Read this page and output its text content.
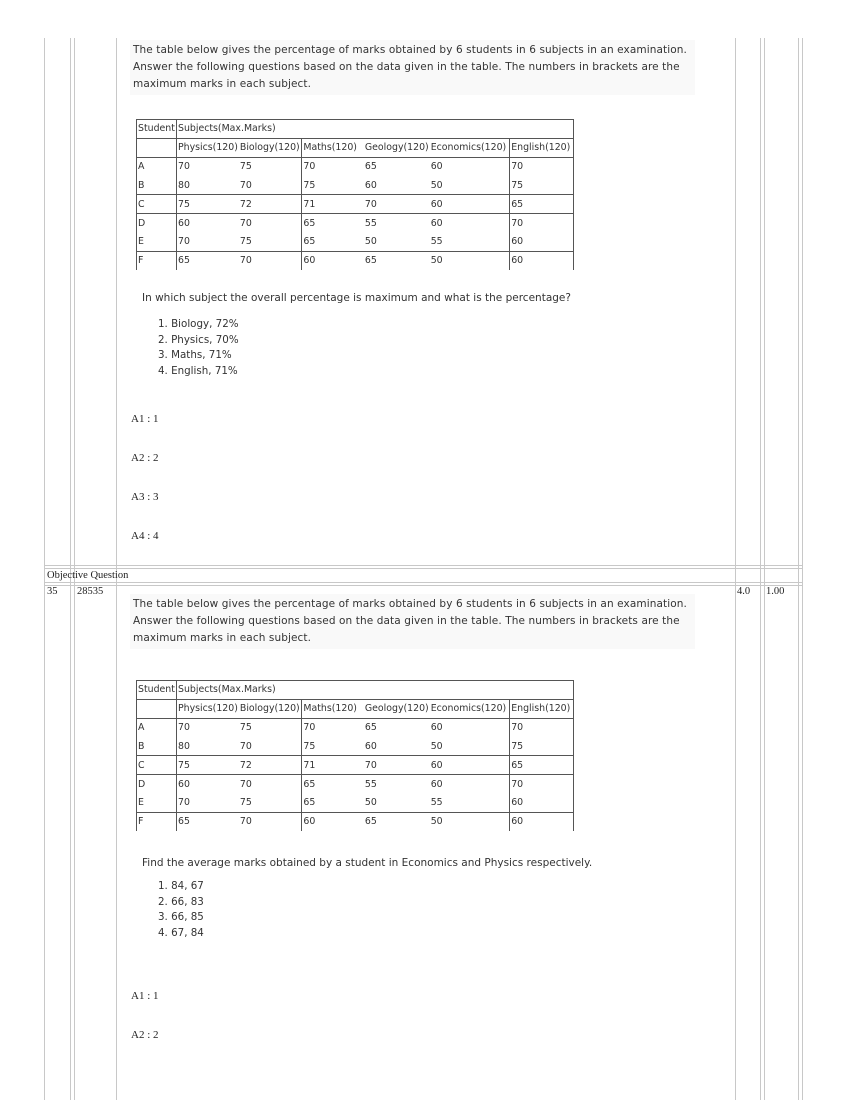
The table below gives the percentage of marks obtained by 6 students in 6 subjects in an examination. Answer the following questions based on the data given in the table. The numbers in brackets are the maximum marks in each subject.
Student	Subjects(Max.Marks)					
	Physics(120)	Biology(120)	Maths(120)	Geology(120)	Economics(120)	English(120)
A	70	75	70	65	60	70
B	80	70	75	60	50	75
C	75	72	71	70	60	65
D	60	70	65	55	60	70
E	70	75	65	50	55	60
F	65	70	60	65	50	60
In which subject the overall percentage is maximum and what is the percentage?
1. Biology, 72%
2. Physics, 70%
3. Maths, 71%
4. English, 71%
A1 : 1
A2 : 2
A3 : 3
A4 : 4
Objective Question
35 28535	4.0 1.00
The table below gives the percentage of marks obtained by 6 students in 6 subjects in an examination. Answer the following questions based on the data given in the table. The numbers in brackets are the maximum marks in each subject.
Student	Subjects(Max.Marks)					
	Physics(120)	Biology(120)	Maths(120)	Geology(120)	Economics(120)	English(120)
A	70	75	70	65	60	70
B	80	70	75	60	50	75
C	75	72	71	70	60	65
D	60	70	65	55	60	70
E	70	75	65	50	55	60
F	65	70	60	65	50	60
Find the average marks obtained by a student in Economics and Physics respectively.
1. 84, 67
2. 66, 83
3. 66, 85
4. 67, 84
A1 : 1
A2 : 2
